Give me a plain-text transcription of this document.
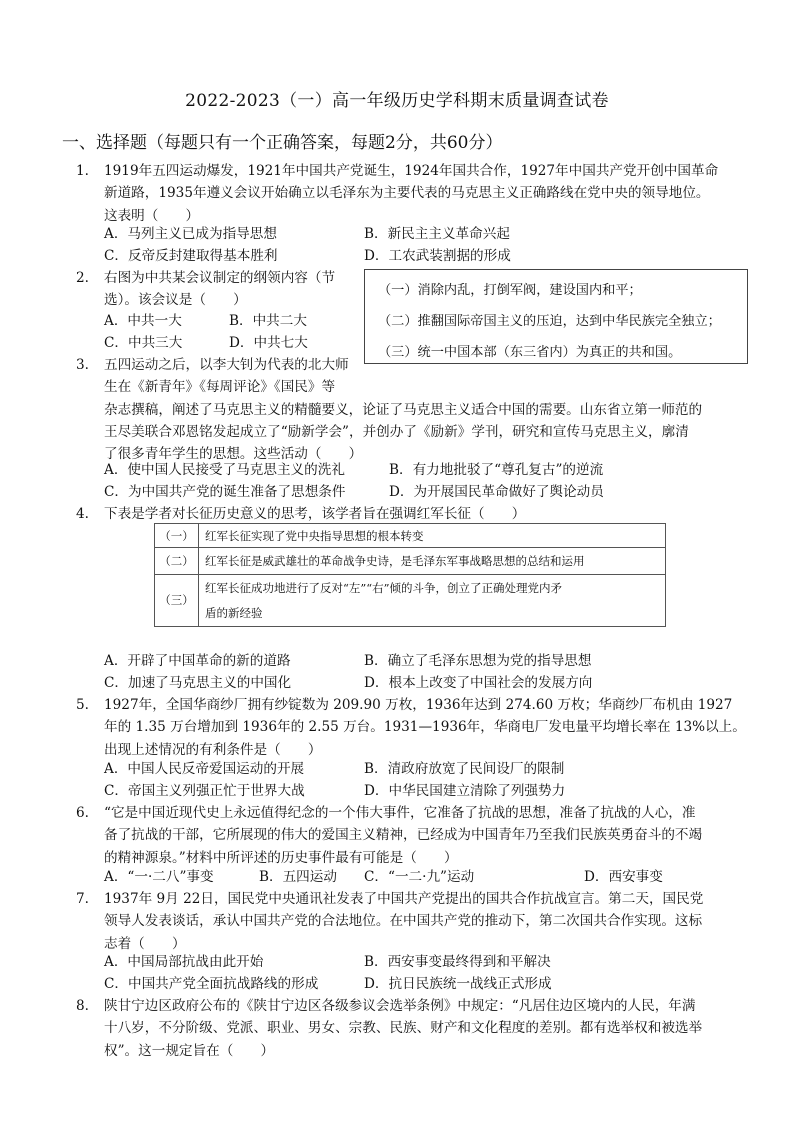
2022-2023（一）高一年级历史学科期末质量调查试卷
一、选择题（每题只有一个正确答案，每题2分，共60分）
1.	1919年五四运动爆发，1921年中国共产党诞生，1924年国共合作，1927年中国共产党开创中国革命
新道路，1935年遵义会议开始确立以毛泽东为主要代表的马克思主义正确路线在党中央的领导地位。
这表明（　　）
A．马列主义已成为指导思想	B．新民主主义革命兴起
C．反帝反封建取得基本胜利	D．工农武装割据的形成
2.	右图为中共某会议制定的纲领内容（节
选）。该会议是（　　）
A．中共一大	B．中共二大
C．中共三大	D．中共七大
（一）消除内乱，打倒军阀，建设国内和平；
（二）推翻国际帝国主义的压迫，达到中华民族完全独立；
（三）统一中国本部（东三省内）为真正的共和国。
3.	五四运动之后，以李大钊为代表的北大师
生在《新青年》《每周评论》《国民》等
杂志撰稿，阐述了马克思主义的精髓要义，论证了马克思主义适合中国的需要。山东省立第一师范的
王尽美联合邓恩铭发起成立了“励新学会”，并创办了《励新》学刊，研究和宣传马克思主义，廓清
了很多青年学生的思想。这些活动（　　）
A．使中国人民接受了马克思主义的洗礼	B．有力地批驳了“尊孔复古”的逆流
C．为中国共产党的诞生准备了思想条件	D．为开展国民革命做好了舆论动员
4.	下表是学者对长征历史意义的思考，该学者旨在强调红军长征（　　）
（一）	红军长征实现了党中央指导思想的根本转变
（二）	红军长征是威武雄壮的革命战争史诗，是毛泽东军事战略思想的总结和运用
（三）	红军长征成功地进行了反对“左”“右”倾的斗争，创立了正确处理党内矛
盾的新经验
A．开辟了中国革命的新的道路	B．确立了毛泽东思想为党的指导思想
C．加速了马克思主义的中国化	D．根本上改变了中国社会的发展方向
5.	1927年，全国华商纱厂拥有纱锭数为 209.90 万枚，1936年达到 274.60 万枚；华商纱厂布机由 1927
年的 1.35 万台增加到 1936年的 2.55 万台。1931—1936年，华商电厂发电量平均增长率在 13%以上。
出现上述情况的有利条件是（　　）
A．中国人民反帝爱国运动的开展	B．清政府放宽了民间设厂的限制
C．帝国主义列强正忙于世界大战	D．中华民国建立清除了列强势力
6.	“它是中国近现代史上永远值得纪念的一个伟大事件，它准备了抗战的思想，准备了抗战的人心，准
备了抗战的干部，它所展现的伟大的爱国主义精神，已经成为中国青年乃至我们民族英勇奋斗的不竭
的精神源泉。”材料中所评述的历史事件最有可能是（　　）
A．“一·二八”事变	B．五四运动 C．“一二·九”运动	D．西安事变
7.	1937年 9月 22日，国民党中央通讯社发表了中国共产党提出的国共合作抗战宣言。第二天，国民党
领导人发表谈话，承认中国共产党的合法地位。在中国共产党的推动下，第二次国共合作实现。这标
志着（　　）
A．中国局部抗战由此开始	B．西安事变最终得到和平解决
C．中国共产党全面抗战路线的形成	D．抗日民族统一战线正式形成
8.	陕甘宁边区政府公布的《陕甘宁边区各级参议会选举条例》中规定：“凡居住边区境内的人民，年满
十八岁，不分阶级、党派、职业、男女、宗教、民族、财产和文化程度的差别。都有选举权和被选举
权”。这一规定旨在（　　）
